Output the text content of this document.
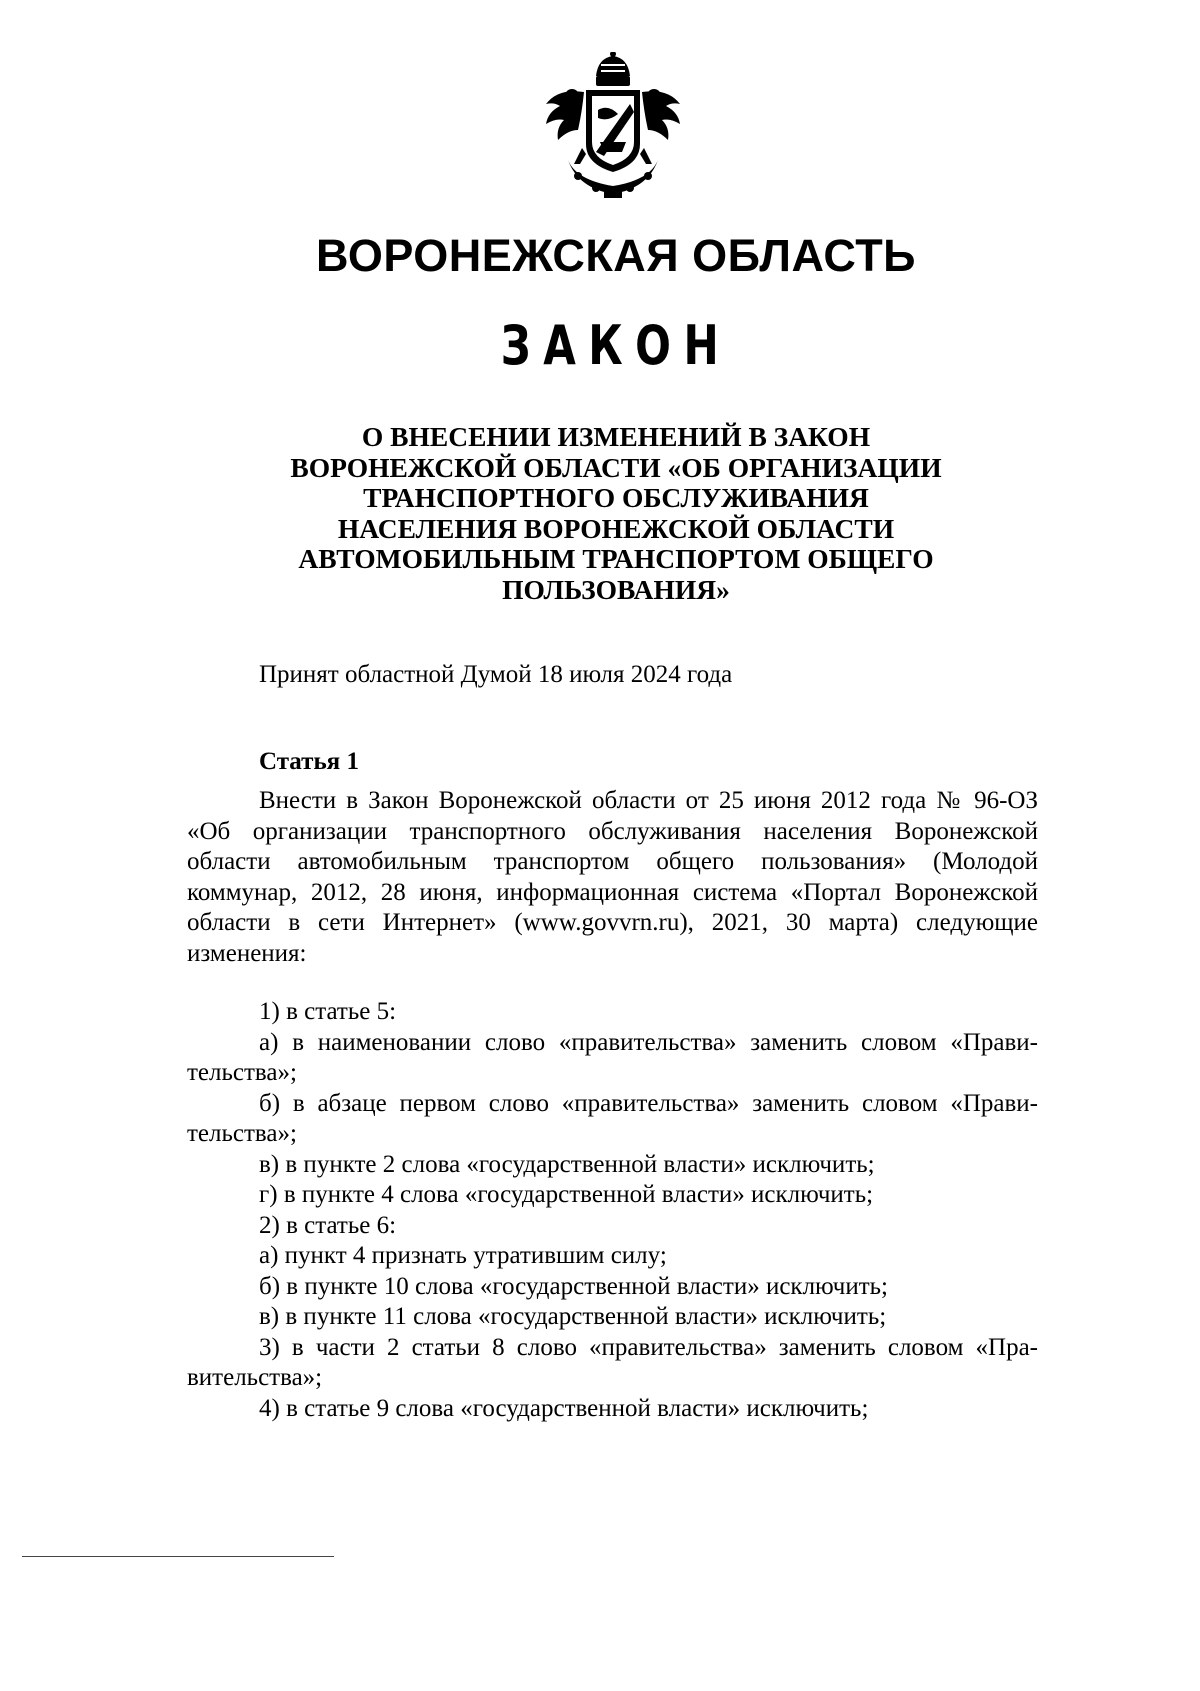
ВОРОНЕЖСКАЯ ОБЛАСТЬ
ЗАКОН
О ВНЕСЕНИИ ИЗМЕНЕНИЙ В ЗАКОН
ВОРОНЕЖСКОЙ ОБЛАСТИ «ОБ ОРГАНИЗАЦИИ
ТРАНСПОРТНОГО ОБСЛУЖИВАНИЯ
НАСЕЛЕНИЯ ВОРОНЕЖСКОЙ ОБЛАСТИ
АВТОМОБИЛЬНЫМ ТРАНСПОРТОМ ОБЩЕГО
ПОЛЬЗОВАНИЯ»
Принят областной Думой 18 июля 2024 года
Статья 1
Внести в Закон Воронежской области от 25 июня 2012 года № 96-ОЗ
«Об организации транспортного обслуживания населения Воронежской
области автомобильным транспортом общего пользования» (Молодой
коммунар, 2012, 28 июня, информационная система «Портал Воронежской
области в сети Интернет» (www.govvrn.ru), 2021, 30 марта) следующие
изменения:
1) в статье 5:
а) в наименовании слово «правительства» заменить словом «Прави-
тельства»;
б) в абзаце первом слово «правительства» заменить словом «Прави-
тельства»;
в) в пункте 2 слова «государственной власти» исключить;
г) в пункте 4 слова «государственной власти» исключить;
2) в статье 6:
а) пункт 4 признать утратившим силу;
б) в пункте 10 слова «государственной власти» исключить;
в) в пункте 11 слова «государственной власти» исключить;
3) в части 2 статьи 8 слово «правительства» заменить словом «Пра-
вительства»;
4) в статье 9 слова «государственной власти» исключить;
